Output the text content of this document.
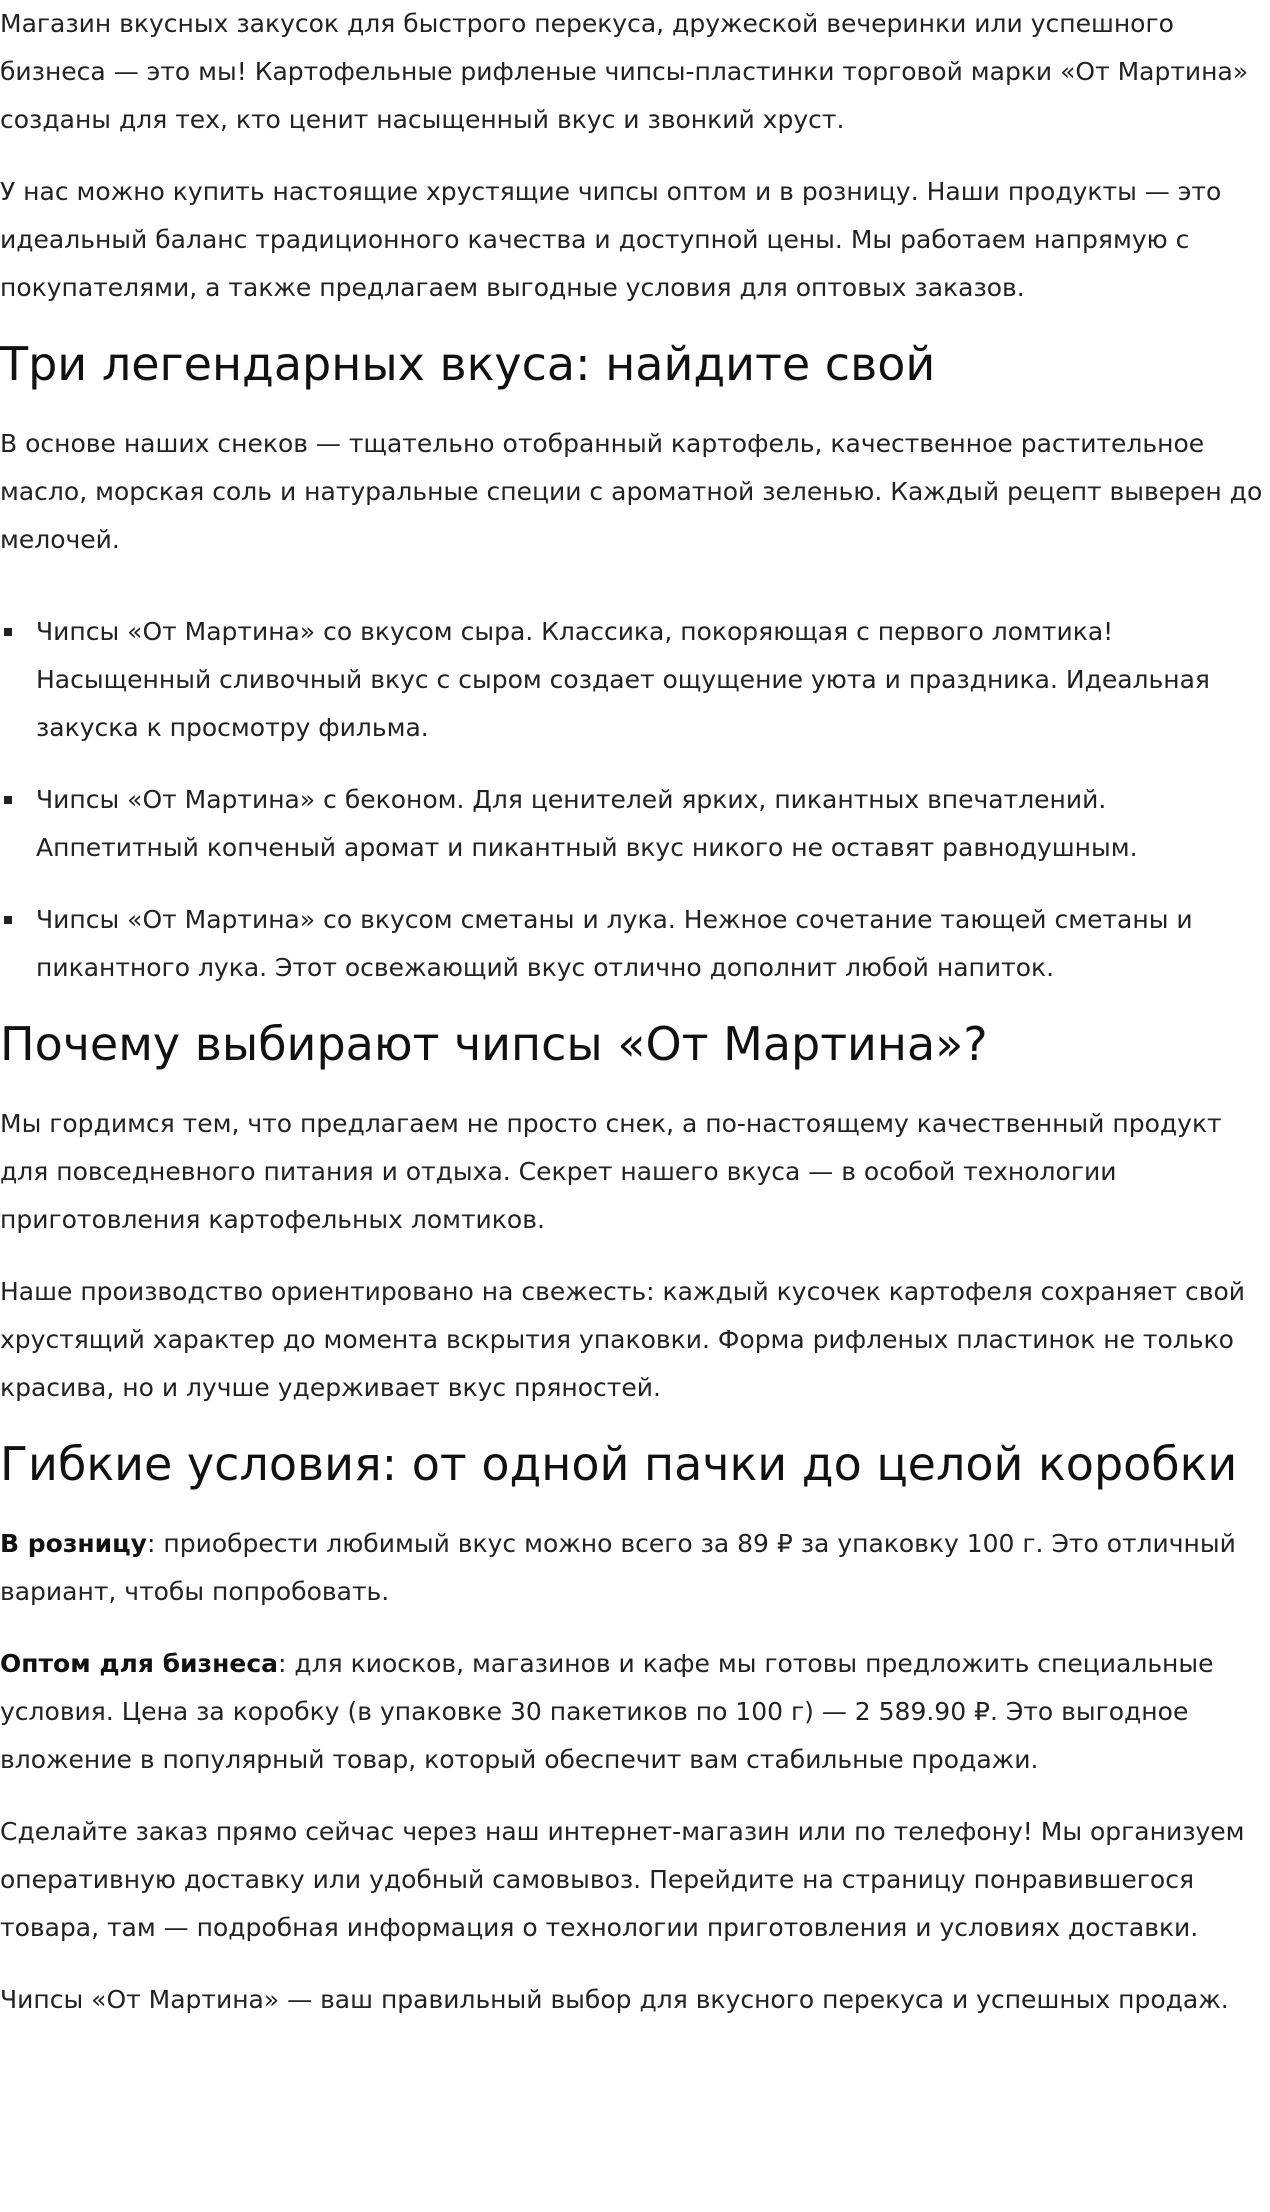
Магазин вкусных закусок для быстрого перекуса, дружеской вечеринки или успешного бизнеса — это мы! Картофельные рифленые чипсы-пластинки торговой марки «От Мартина» созданы для тех, кто ценит насыщенный вкус и звонкий хруст.

У нас можно купить настоящие хрустящие чипсы оптом и в розницу. Наши продукты — это идеальный баланс традиционного качества и доступной цены. Мы работаем напрямую с покупателями, а также предлагаем выгодные условия для оптовых заказов.

Три легендарных вкуса: найдите свой

В основе наших снеков — тщательно отобранный картофель, качественное растительное масло, морская соль и натуральные специи с ароматной зеленью. Каждый рецепт выверен до мелочей.

Чипсы «От Мартина» со вкусом сыра. Классика, покоряющая с первого ломтика! Насыщенный сливочный вкус с сыром создает ощущение уюта и праздника. Идеальная закуска к просмотру фильма.
Чипсы «От Мартина» с беконом. Для ценителей ярких, пикантных впечатлений. Аппетитный копченый аромат и пикантный вкус никого не оставят равнодушным.
Чипсы «От Мартина» со вкусом сметаны и лука. Нежное сочетание тающей сметаны и пикантного лука. Этот освежающий вкус отлично дополнит любой напиток.
Почему выбирают чипсы «От Мартина»?

Мы гордимся тем, что предлагаем не просто снек, а по-настоящему качественный продукт для повседневного питания и отдыха. Секрет нашего вкуса — в особой технологии приготовления картофельных ломтиков.

Наше производство ориентировано на свежесть: каждый кусочек картофеля сохраняет свой хрустящий характер до момента вскрытия упаковки. Форма рифленых пластинок не только красива, но и лучше удерживает вкус пряностей.

Гибкие условия: от одной пачки до целой коробки

В розницу: приобрести любимый вкус можно всего за 89 ₽ за упаковку 100 г. Это отличный вариант, чтобы попробовать.

Оптом для бизнеса: для киосков, магазинов и кафе мы готовы предложить специальные условия. Цена за коробку (в упаковке 30 пакетиков по 100 г) — 2 589.90 ₽. Это выгодное вложение в популярный товар, который обеспечит вам стабильные продажи.

Сделайте заказ прямо сейчас через наш интернет-магазин или по телефону! Мы организуем оперативную доставку или удобный самовывоз. Перейдите на страницу понравившегося товара, там — подробная информация о технологии приготовления и условиях доставки.

Чипсы «От Мартина» — ваш правильный выбор для вкусного перекуса и успешных продаж.
